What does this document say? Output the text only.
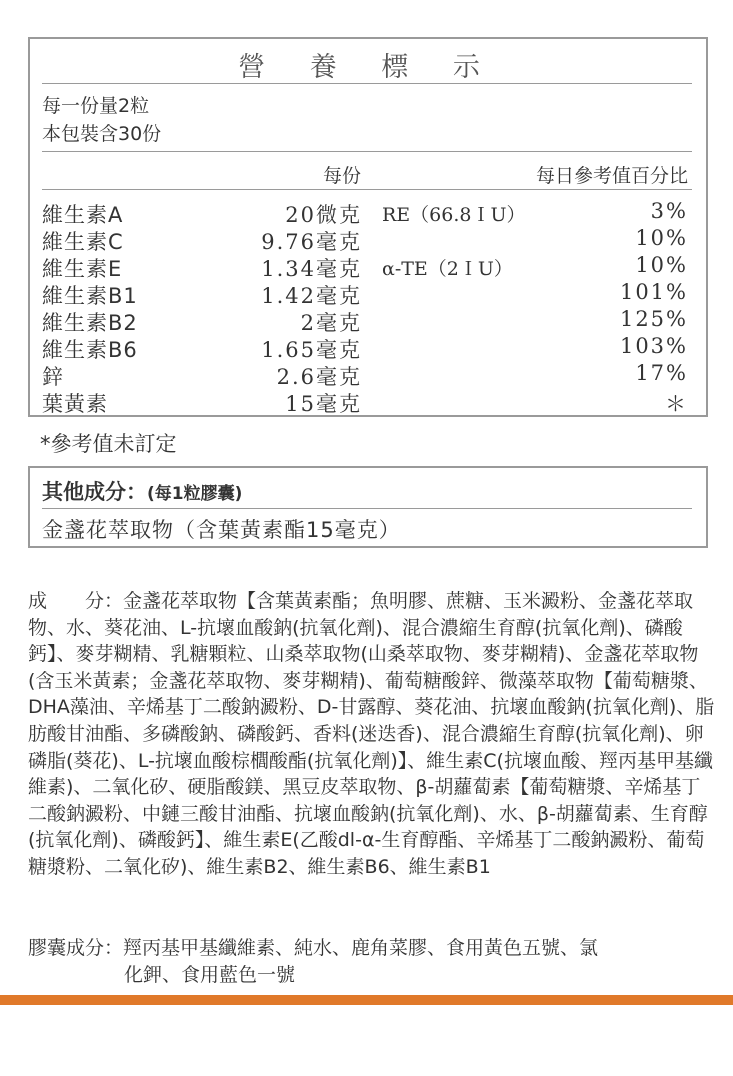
營 養 標 示
每一份量2粒
本包裝含30份
每份	每日參考值百分比
維生素A	20微克 RE（66.8ＩU）	3%
維生素C	9.76毫克	10%
維生素E	1.34毫克 α-TE（2ＩU）	10%
維生素B1	1.42毫克	101%
維生素B2	2毫克	125%
維生素B6	1.65毫克	103%
鋅	2.6毫克	17%
葉黃素	15毫克	＊
*參考值未訂定
其他成分：(每1粒膠囊)
金盞花萃取物（含葉黃素酯15毫克）
成　　分：金盞花萃取物【含葉黃素酯；魚明膠、蔗糖、玉米澱粉、金盞花萃取物、水、葵花油、L-抗壞血酸鈉(抗氧化劑)、混合濃縮生育醇(抗氧化劑)、磷酸鈣】、麥芽糊精、乳糖顆粒、山桑萃取物(山桑萃取物、麥芽糊精)、金盞花萃取物(含玉米黃素；金盞花萃取物、麥芽糊精)、葡萄糖酸鋅、微藻萃取物【葡萄糖漿、DHA藻油、辛烯基丁二酸鈉澱粉、D-甘露醇、葵花油、抗壞血酸鈉(抗氧化劑)、脂肪酸甘油酯、多磷酸鈉、磷酸鈣、香料(迷迭香)、混合濃縮生育醇(抗氧化劑)、卵磷脂(葵花)、L-抗壞血酸棕櫚酸酯(抗氧化劑)】、維生素C(抗壞血酸、羥丙基甲基纖維素)、二氧化矽、硬脂酸鎂、黑豆皮萃取物、β-胡蘿蔔素【葡萄糖漿、辛烯基丁二酸鈉澱粉、中鏈三酸甘油酯、抗壞血酸鈉(抗氧化劑)、水、β-胡蘿蔔素、生育醇(抗氧化劑)、磷酸鈣】、維生素E(乙酸dl-α-生育醇酯、辛烯基丁二酸鈉澱粉、葡萄糖漿粉、二氧化矽)、維生素B2、維生素B6、維生素B1
膠囊成分：羥丙基甲基纖維素、純水、鹿角菜膠、食用黃色五號、氯
化鉀、食用藍色一號
